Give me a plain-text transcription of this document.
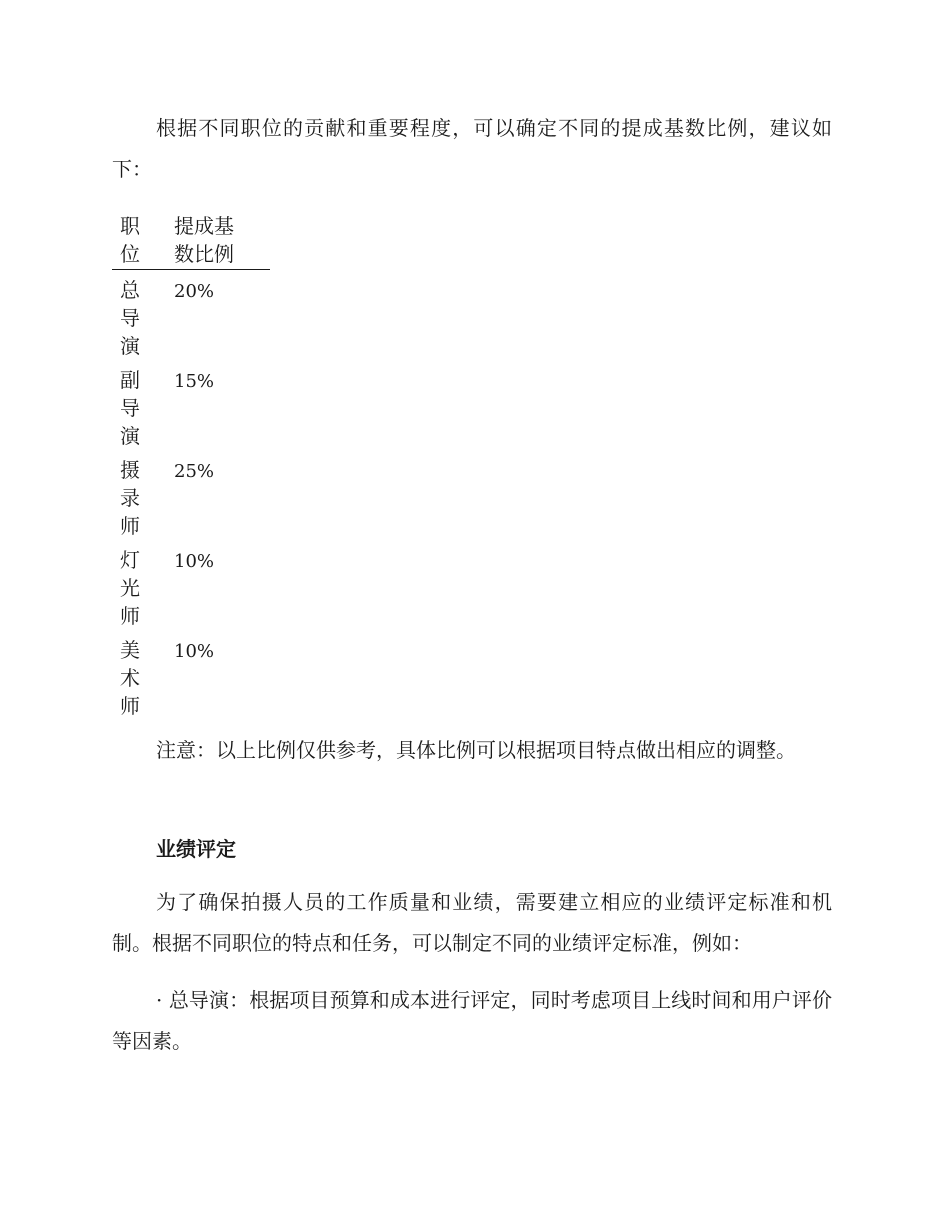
根据不同职位的贡献和重要程度，可以确定不同的提成基数比例，建议如下：

职位	提成基数比例
总导演	20%
副导演	15%
摄录师	25%
灯光师	10%
美术师	10%

注意：以上比例仅供参考，具体比例可以根据项目特点做出相应的调整。

业绩评定

为了确保拍摄人员的工作质量和业绩，需要建立相应的业绩评定标准和机制。根据不同职位的特点和任务，可以制定不同的业绩评定标准，例如：

· 总导演：根据项目预算和成本进行评定，同时考虑项目上线时间和用户评价等因素。
